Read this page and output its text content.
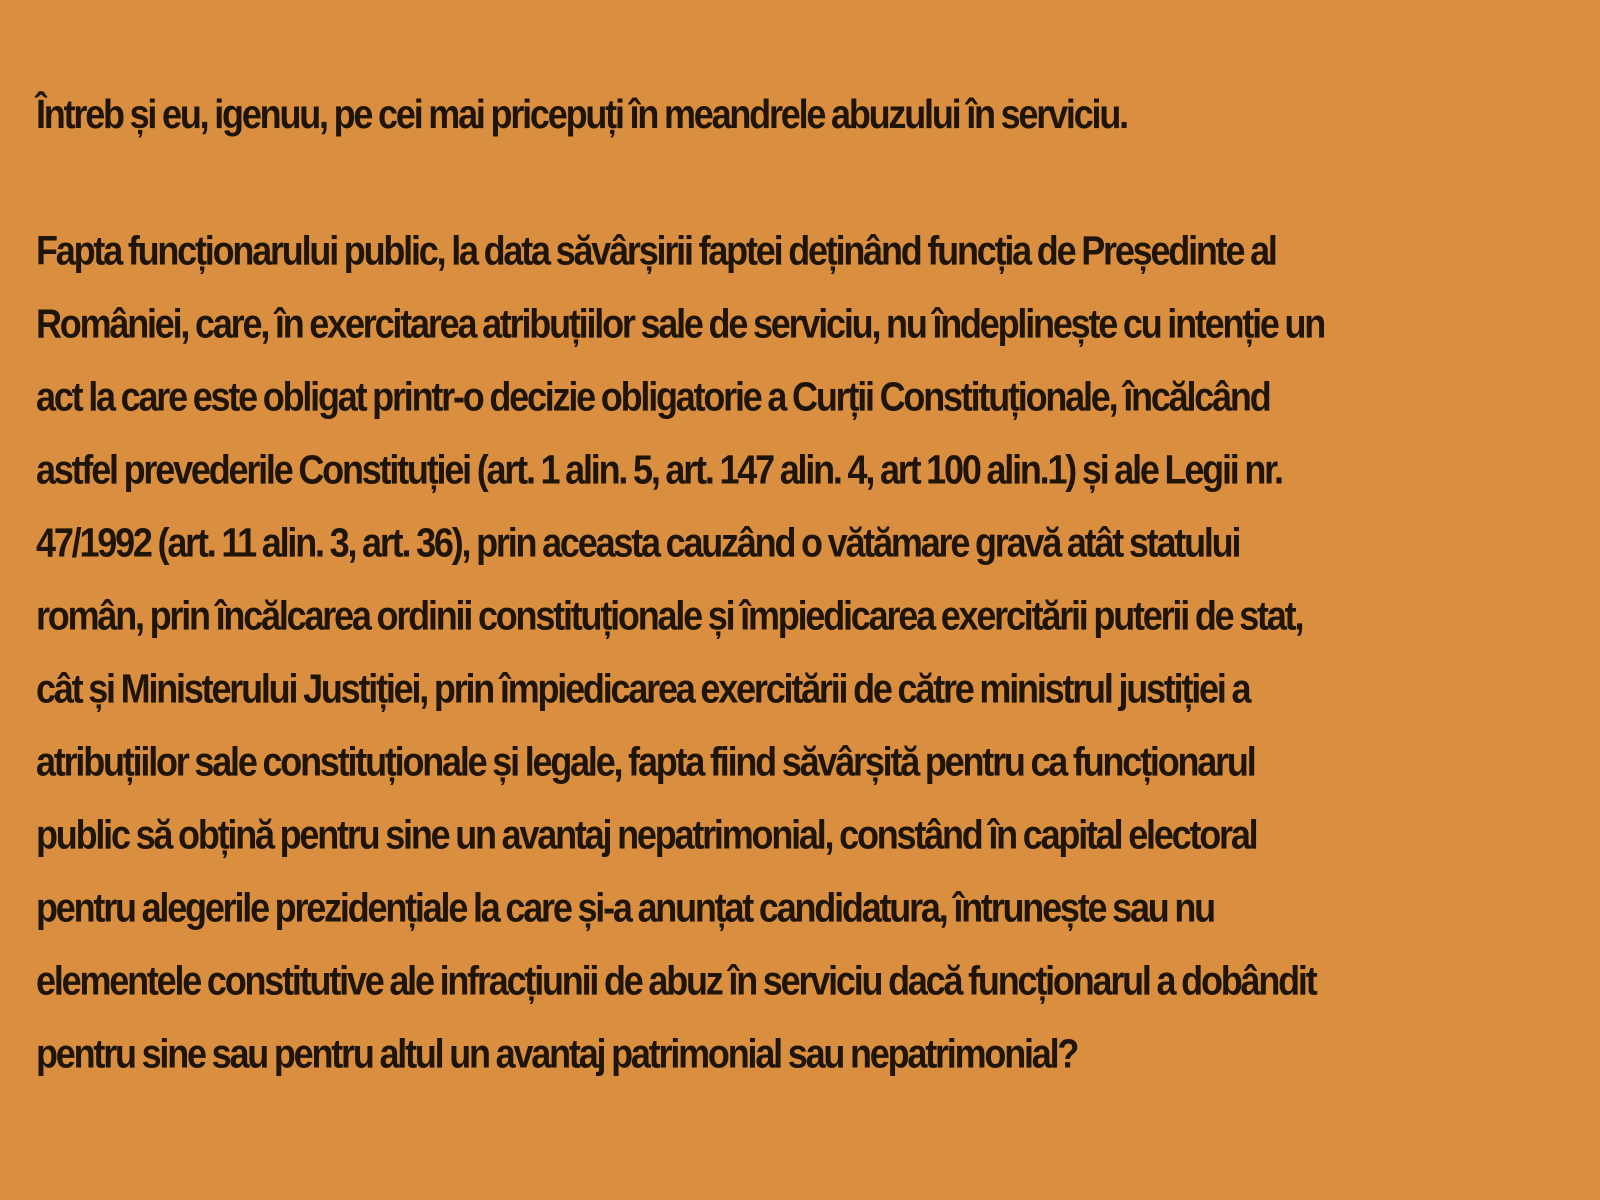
Întreb și eu, igenuu, pe cei mai pricepuți în meandrele abuzului în serviciu.

Fapta funcționarului public, la data săvârșirii faptei deținând funcția de Președinte al
României, care, în exercitarea atribuțiilor sale de serviciu, nu îndeplinește cu intenție un
act la care este obligat printr-o decizie obligatorie a Curții Constituționale, încălcând
astfel prevederile Constituției (art. 1 alin. 5, art. 147 alin. 4, art 100 alin.1) și ale Legii nr.
47/1992 (art. 11 alin. 3, art. 36), prin aceasta cauzând o vătămare gravă atât statului
român, prin încălcarea ordinii constituționale și împiedicarea exercitării puterii de stat,
cât și Ministerului Justiției, prin împiedicarea exercitării de către ministrul justiției a
atribuțiilor sale constituționale și legale, fapta fiind săvârșită pentru ca funcționarul
public să obțină pentru sine un avantaj nepatrimonial, constând în capital electoral
pentru alegerile prezidențiale la care și-a anunțat candidatura, întrunește sau nu
elementele constitutive ale infracțiunii de abuz în serviciu dacă funcționarul a dobândit
pentru sine sau pentru altul un avantaj patrimonial sau nepatrimonial?
